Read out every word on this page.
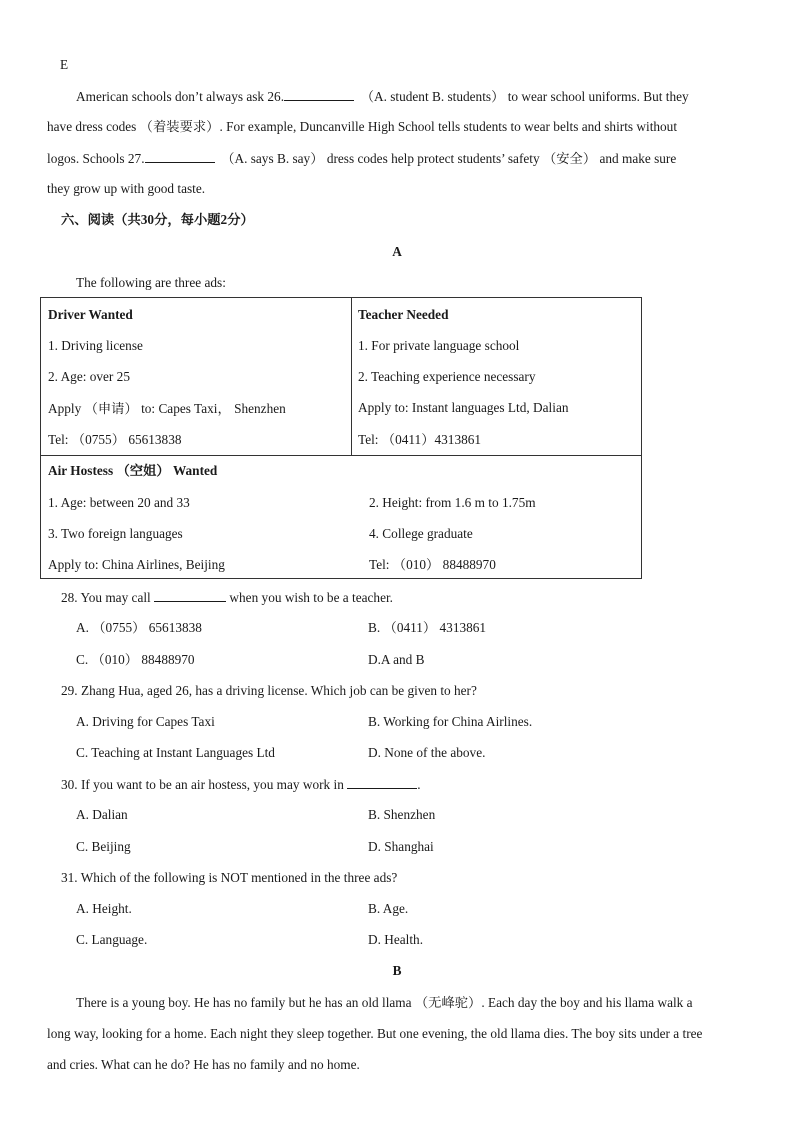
E
American schools don’t always ask 26.	（A. student B. students） to wear school uniforms. But they
have dress codes （着装要求）. For example, Duncanville High School tells students to wear belts and shirts without
logos. Schools 27.	（A. says B. say） dress codes help protect students’ safety （安全） and make sure
they grow up with good taste.
六、阅读（共30分，每小题2分）
A
The following are three ads:
Driver Wanted
1. Driving license
2. Age: over 25
Apply （申请） to: Capes Taxi， Shenzhen
Tel: （0755） 65613838
Teacher Needed
1. For private language school
2. Teaching experience necessary
Apply to: Instant languages Ltd, Dalian
Tel: （0411）4313861
Air Hostess （空姐） Wanted
1. Age: between 20 and 33	2. Height: from 1.6 m to 1.75m
3. Two foreign languages	4. College graduate
Apply to: China Airlines, Beijing	Tel: （010） 88488970
28. You may call	when you wish to be a teacher.
A. （0755） 65613838	B. （0411） 4313861
C. （010） 88488970	D.A and B
29. Zhang Hua, aged 26, has a driving license. Which job can be given to her?
A. Driving for Capes Taxi	B. Working for China Airlines.
C. Teaching at Instant Languages Ltd	D. None of the above.
30. If you want to be an air hostess, you may work in	.
A. Dalian	B. Shenzhen
C. Beijing	D. Shanghai
31. Which of the following is NOT mentioned in the three ads?
A. Height.	B. Age.
C. Language.	D. Health.
B
There is a young boy. He has no family but he has an old llama （无峰驼）. Each day the boy and his llama walk a
long way, looking for a home. Each night they sleep together. But one evening, the old llama dies. The boy sits under a tree
and cries. What can he do? He has no family and no home.
